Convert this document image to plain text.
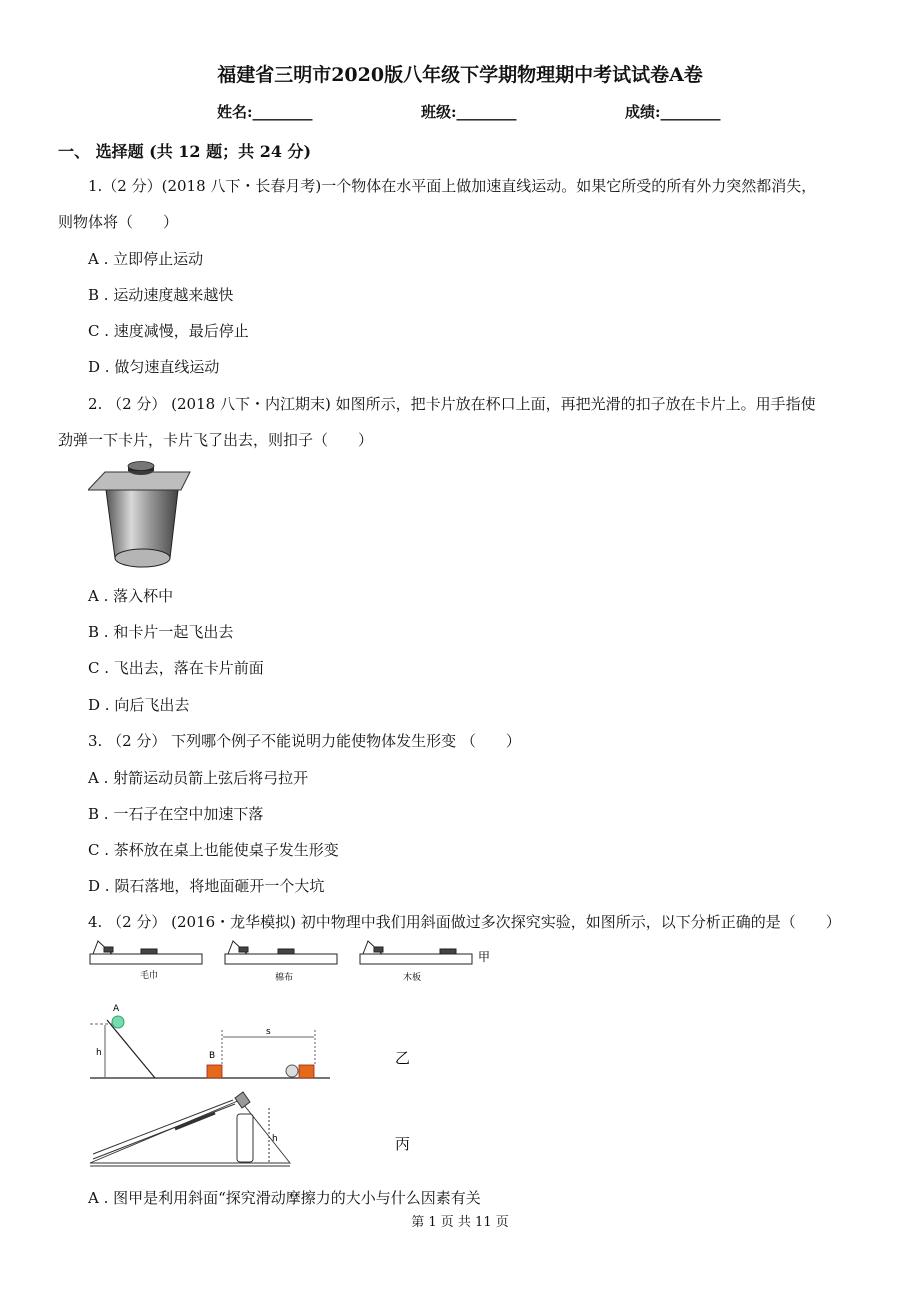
福建省三明市2020版八年级下学期物理期中考试试卷A卷
姓名:________	班级:________	成绩:________
一、 选择题 (共 12 题；共 24 分)
1.（2 分）(2018 八下・长春月考)一个物体在水平面上做加速直线运动。如果它所受的所有外力突然都消失，
则物体将（　　）
A . 立即停止运动
B . 运动速度越来越快
C . 速度减慢，最后停止
D . 做匀速直线运动
2. （2 分） (2018 八下・内江期末) 如图所示，把卡片放在杯口上面，再把光滑的扣子放在卡片上。用手指使
劲弹一下卡片，卡片飞了出去，则扣子（　　）
A . 落入杯中
B . 和卡片一起飞出去
C . 飞出去，落在卡片前面
D . 向后飞出去
3. （2 分） 下列哪个例子不能说明力能使物体发生形变 （　　）
A . 射箭运动员箭上弦后将弓拉开
B . 一石子在空中加速下落
C . 茶杯放在桌上也能使桌子发生形变
D . 陨石落地，将地面砸开一个大坑
4. （2 分） (2016・龙华模拟) 初中物理中我们用斜面做过多次探究实验，如图所示，以下分析正确的是（　　）
毛巾	棉布	木板
甲
A
h	B
s
乙
h	丙
A . 图甲是利用斜面“探究滑动摩擦力的大小与什么因素有关
第 1 页 共 11 页
